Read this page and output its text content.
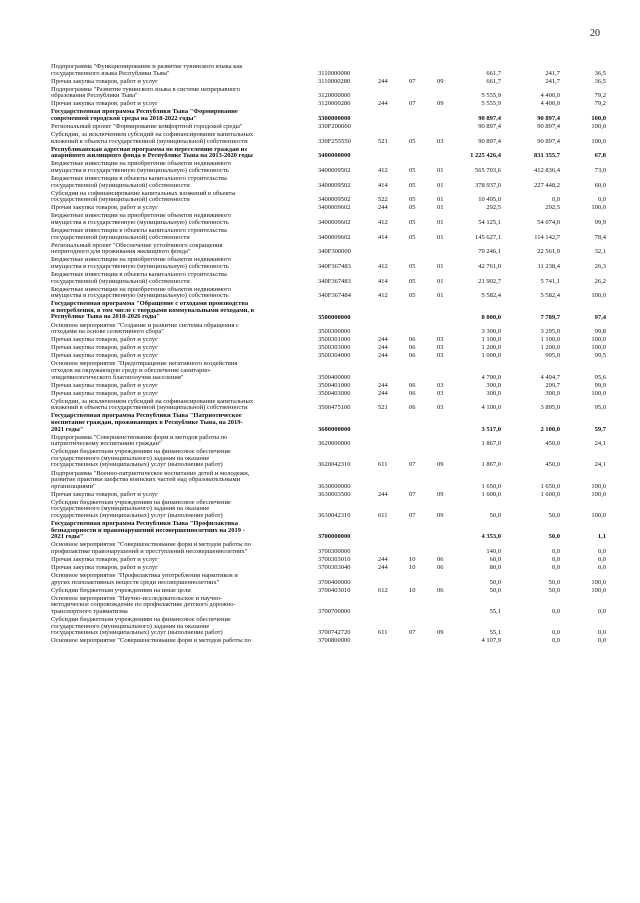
20
Подпрограмма "Функционирование и развитие тувинского языка как
государственного языка Республики Тыва"	3110000000	661,7	241,7	36,5
Прочая закупка товаров, работ и услуг	3110000280	244	07	09	661,7	241,7	36,5
Подпрограмма "Развитие тувинского языка в системе непрерывного
образования Республики Тыва"	3120000000	5 555,9	4 400,0	79,2
Прочая закупка товаров, работ и услуг	3120000280	244	07	09	5 555,9	4 400,0	79,2
Государственная программа Республики Тыва "Формирование
современной городской среды на 2018-2022 годы"	3300000000	90 897,4	90 897,4	100,0
Региональный проект "Формирование комфортной городской среды"	330F200000	90 897,4	90 897,4	100,0
Субсидии, за исключением субсидий на софинансирование капитальных
вложений в объекты государственной (муниципальной) собственности	330F255550	521	05	03	90 897,4	90 897,4	100,0
Республиканская адресная программа по переселению граждан из
аварийного жилищного фонда в Республике Тыва на 2013-2020 годы	3400000000	1 225 426,4	831 355,7	67,8
Бюджетные инвестиции на приобретение объектов недвижимого
имущества в государственную (муниципальную) собственность	3400009502	412	05	01	565 703,6	412 836,4	73,0
Бюджетные инвестиции в объекты капитального строительства
государственной (муниципальной) собственности	3400009502	414	05	01	378 937,0	227 448,2	60,0
Субсидии на софинансирование капитальных вложений в объекты
государственной (муниципальной) собственности	3400009502	522	05	01	10 495,0	0,0	0,0
Прочая закупка товаров, работ и услуг	3400009602	244	05	01	292,5	292,5	100,0
Бюджетные инвестиции на приобретение объектов недвижимого
имущества в государственную (муниципальную) собственность	3400009602	412	05	01	54 125,1	54 074,0	99,9
Бюджетные инвестиции в объекты капитального строительства
государственной (муниципальной) собственности	3400009602	414	05	01	145 627,1	114 142,7	78,4
Региональный проект "Обеспечение устойчивого сокращения
непригодного для проживания жилищного фонда"	340F300000	70 246,1	22 561,9	32,1
Бюджетные инвестиции на приобретение объектов недвижимого
имущества в государственную (муниципальную) собственность	340F367483	412	05	01	42 761,0	11 238,4	26,3
Бюджетные инвестиции в объекты капитального строительства
государственной (муниципальной) собственности	340F367483	414	05	01	21 902,7	5 741,1	26,2
Бюджетные инвестиции на приобретение объектов недвижимого
имущества в государственную (муниципальную) собственность	340F367484	412	05	01	5 582,4	5 582,4	100,0
Государственная программа "Обращение с отходами производства
и потребления, в том числе с твердыми коммунальными отходами, в
Республике Тыва на 2018-2026 годы"	3500000000	8 000,0	7 789,7	97,4
Основное мероприятие "Создание и развитие системы обращения с
отходами на основе селективного сбора"	3500300000	3 300,0	3 295,0	99,8
Прочая закупка товаров, работ и услуг	3500301000	244	06	03	1 100,0	1 100,0	100,0
Прочая закупка товаров, работ и услуг	3500303000	244	06	03	1 200,0	1 200,0	100,0
Прочая закупка товаров, работ и услуг	3500304000	244	06	03	1 000,0	995,0	99,5
Основное мероприятие "Предотвращение негативного воздействия
отходов на окружающую среду и обеспечение санитарно-
эпидемиологического благополучия населения"	3500400000	4 700,0	4 494,7	95,6
Прочая закупка товаров, работ и услуг	3500401000	244	06	03	300,0	299,7	99,9
Прочая закупка товаров, работ и услуг	3500403000	244	06	03	300,0	300,0	100,0
Субсидии, за исключением субсидий на софинансирование капитальных
вложений в объекты государственной (муниципальной) собственности	3500475100	521	06	03	4 100,0	3 895,0	95,0
Государственная программа Республики Тыва "Патриотическое
воспитание граждан, проживающих в Республике Тыва, на 2019-
2021 годы"	3600000000	3 517,0	2 100,0	59,7
Подпрограмма "Совершенствование форм и методов работы по
патриотическому воспитанию граждан"	3620000000	1 867,0	450,0	24,1
Субсидии бюджетным учреждениям на финансовое обеспечение
государственного (муниципального) задания на оказание
государственных (муниципальных) услуг (выполнение работ)	3620042310	611	07	09	1 867,0	450,0	24,1
Подпрограмма "Военно-патриотическое воспитание детей и молодежи,
развитие практики шефства воинских частей над образовательными
организациями"	3630000000	1 650,0	1 650,0	100,0
Прочая закупка товаров, работ и услуг	3630003500	244	07	09	1 600,0	1 600,0	100,0
Субсидии бюджетным учреждениям на финансовое обеспечение
государственного (муниципального) задания на оказание
государственных (муниципальных) услуг (выполнение работ)	3630042310	611	07	09	50,0	50,0	100,0
Государственная программа Республики Тыва "Профилактика
безнадзорности и правонарушений несовершеннолетних на 2019 -
2021 годы"	3700000000	4 353,0	50,0	1,1
Основное мероприятие "Совершенствование форм и методов работы по
профилактике правонарушений и преступлений несовершеннолетних"	3700300000	140,0	0,0	0,0
Прочая закупка товаров, работ и услуг	3700303010	244	10	06	60,0	0,0	0,0
Прочая закупка товаров, работ и услуг	3700303040	244	10	06	80,0	0,0	0,0
Основное мероприятие "Профилактика употребления наркотиков и
других психоактивных веществ среди несовершеннолетних"	3700400000	50,0	50,0	100,0
Субсидии бюджетным учреждениям на иные цели	3700403010	612	10	06	50,0	50,0	100,0
Основное мероприятие "Научно-исследовательское и научно-
методическое сопровождение по профилактике детского дорожно-
транспортного травматизма	3700700000	55,1	0,0	0,0
Субсидии бюджетным учреждениям на финансовое обеспечение
государственного (муниципального) задания на оказание
государственных (муниципальных) услуг (выполнение работ)	3700742720	611	07	09	55,1	0,0	0,0
Основное мероприятие "Совершенствование форм и методов работы по	3700800000	4 107,9	0,0	0,0
